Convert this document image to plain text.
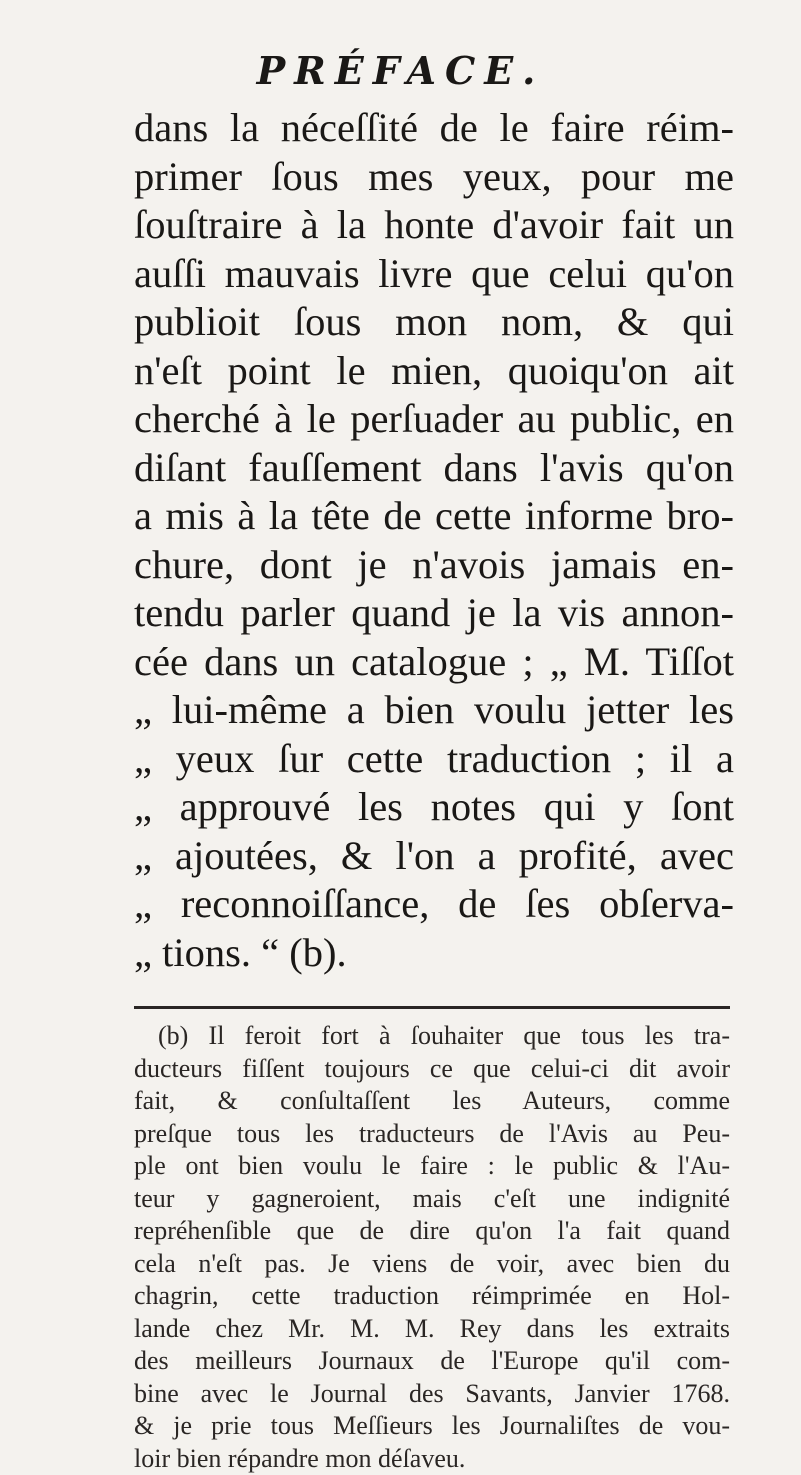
PRÉFACE.
dans la néceſſité de le faire réim-
primer ſous mes yeux, pour me
ſouſtraire à la honte d'avoir fait un
auſſi mauvais livre que celui qu'on
publioit ſous mon nom, & qui
n'eſt point le mien, quoiqu'on ait
cherché à le perſuader au public, en
diſant fauſſement dans l'avis qu'on
a mis à la tête de cette informe bro-
chure, dont je n'avois jamais en-
tendu parler quand je la vis annon-
cée dans un catalogue ; „ M. Tiſſot
„ lui-même a bien voulu jetter les
„ yeux ſur cette traduction ; il a
„ approuvé les notes qui y ſont
„ ajoutées, & l'on a profité, avec
„ reconnoiſſance, de ſes obſerva-
„ tions. “ (b).
(b) Il feroit fort à ſouhaiter que tous les tra-
ducteurs fiſſent toujours ce que celui-ci dit avoir
fait, & conſultaſſent les Auteurs, comme
preſque tous les traducteurs de l'Avis au Peu-
ple ont bien voulu le faire : le public & l'Au-
teur y gagneroient, mais c'eſt une indignité
repréhenſible que de dire qu'on l'a fait quand
cela n'eſt pas. Je viens de voir, avec bien du
chagrin, cette traduction réimprimée en Hol-
lande chez Mr. M. M. Rey dans les extraits
des meilleurs Journaux de l'Europe qu'il com-
bine avec le Journal des Savants, Janvier 1768.
& je prie tous Meſſieurs les Journaliſtes de vou-
loir bien répandre mon déſaveu.
